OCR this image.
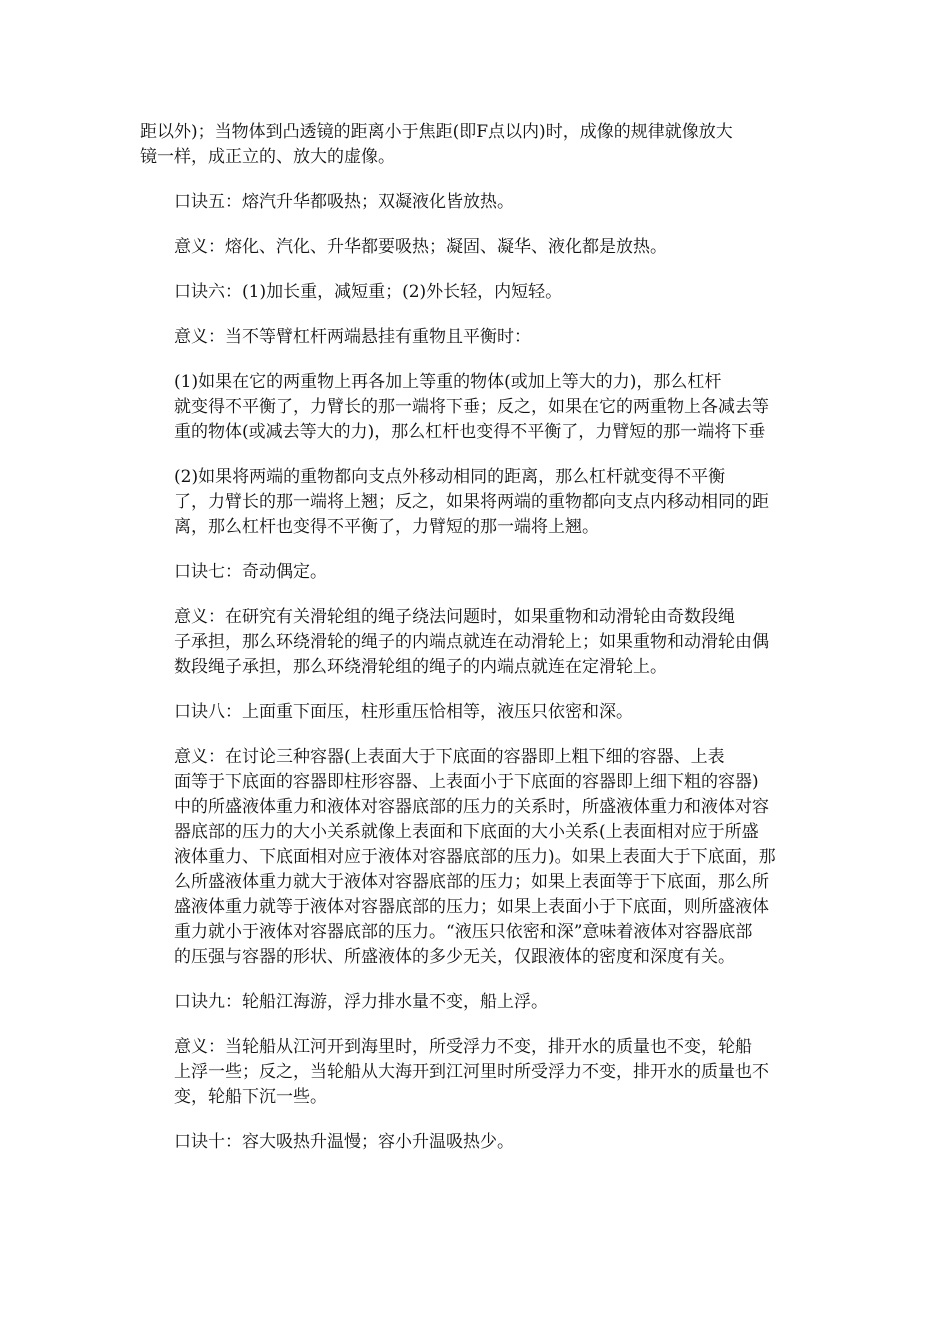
距以外)；当物体到凸透镜的距离小于焦距(即F点以内)时，成像的规律就像放大
镜一样，成正立的、放大的虚像。
口诀五：熔汽升华都吸热；双凝液化皆放热。
意义：熔化、汽化、升华都要吸热；凝固、凝华、液化都是放热。
口诀六：(1)加长重，减短重；(2)外长轻，内短轻。
意义：当不等臂杠杆两端悬挂有重物且平衡时：
(1)如果在它的两重物上再各加上等重的物体(或加上等大的力)，那么杠杆
就变得不平衡了，力臂长的那一端将下垂；反之，如果在它的两重物上各减去等
重的物体(或减去等大的力)，那么杠杆也变得不平衡了，力臂短的那一端将下垂
(2)如果将两端的重物都向支点外移动相同的距离，那么杠杆就变得不平衡
了，力臂长的那一端将上翘；反之，如果将两端的重物都向支点内移动相同的距
离，那么杠杆也变得不平衡了，力臂短的那一端将上翘。
口诀七：奇动偶定。
意义：在研究有关滑轮组的绳子绕法问题时，如果重物和动滑轮由奇数段绳
子承担，那么环绕滑轮的绳子的内端点就连在动滑轮上；如果重物和动滑轮由偶
数段绳子承担，那么环绕滑轮组的绳子的内端点就连在定滑轮上。
口诀八：上面重下面压，柱形重压恰相等，液压只依密和深。
意义：在讨论三种容器(上表面大于下底面的容器即上粗下细的容器、上表
面等于下底面的容器即柱形容器、上表面小于下底面的容器即上细下粗的容器)
中的所盛液体重力和液体对容器底部的压力的关系时，所盛液体重力和液体对容
器底部的压力的大小关系就像上表面和下底面的大小关系(上表面相对应于所盛
液体重力、下底面相对应于液体对容器底部的压力)。如果上表面大于下底面，那
么所盛液体重力就大于液体对容器底部的压力；如果上表面等于下底面，那么所
盛液体重力就等于液体对容器底部的压力；如果上表面小于下底面，则所盛液体
重力就小于液体对容器底部的压力。“液压只依密和深”意味着液体对容器底部
的压强与容器的形状、所盛液体的多少无关，仅跟液体的密度和深度有关。
口诀九：轮船江海游，浮力排水量不变，船上浮。
意义：当轮船从江河开到海里时，所受浮力不变，排开水的质量也不变，轮船
上浮一些；反之，当轮船从大海开到江河里时所受浮力不变，排开水的质量也不
变，轮船下沉一些。
口诀十：容大吸热升温慢；容小升温吸热少。
